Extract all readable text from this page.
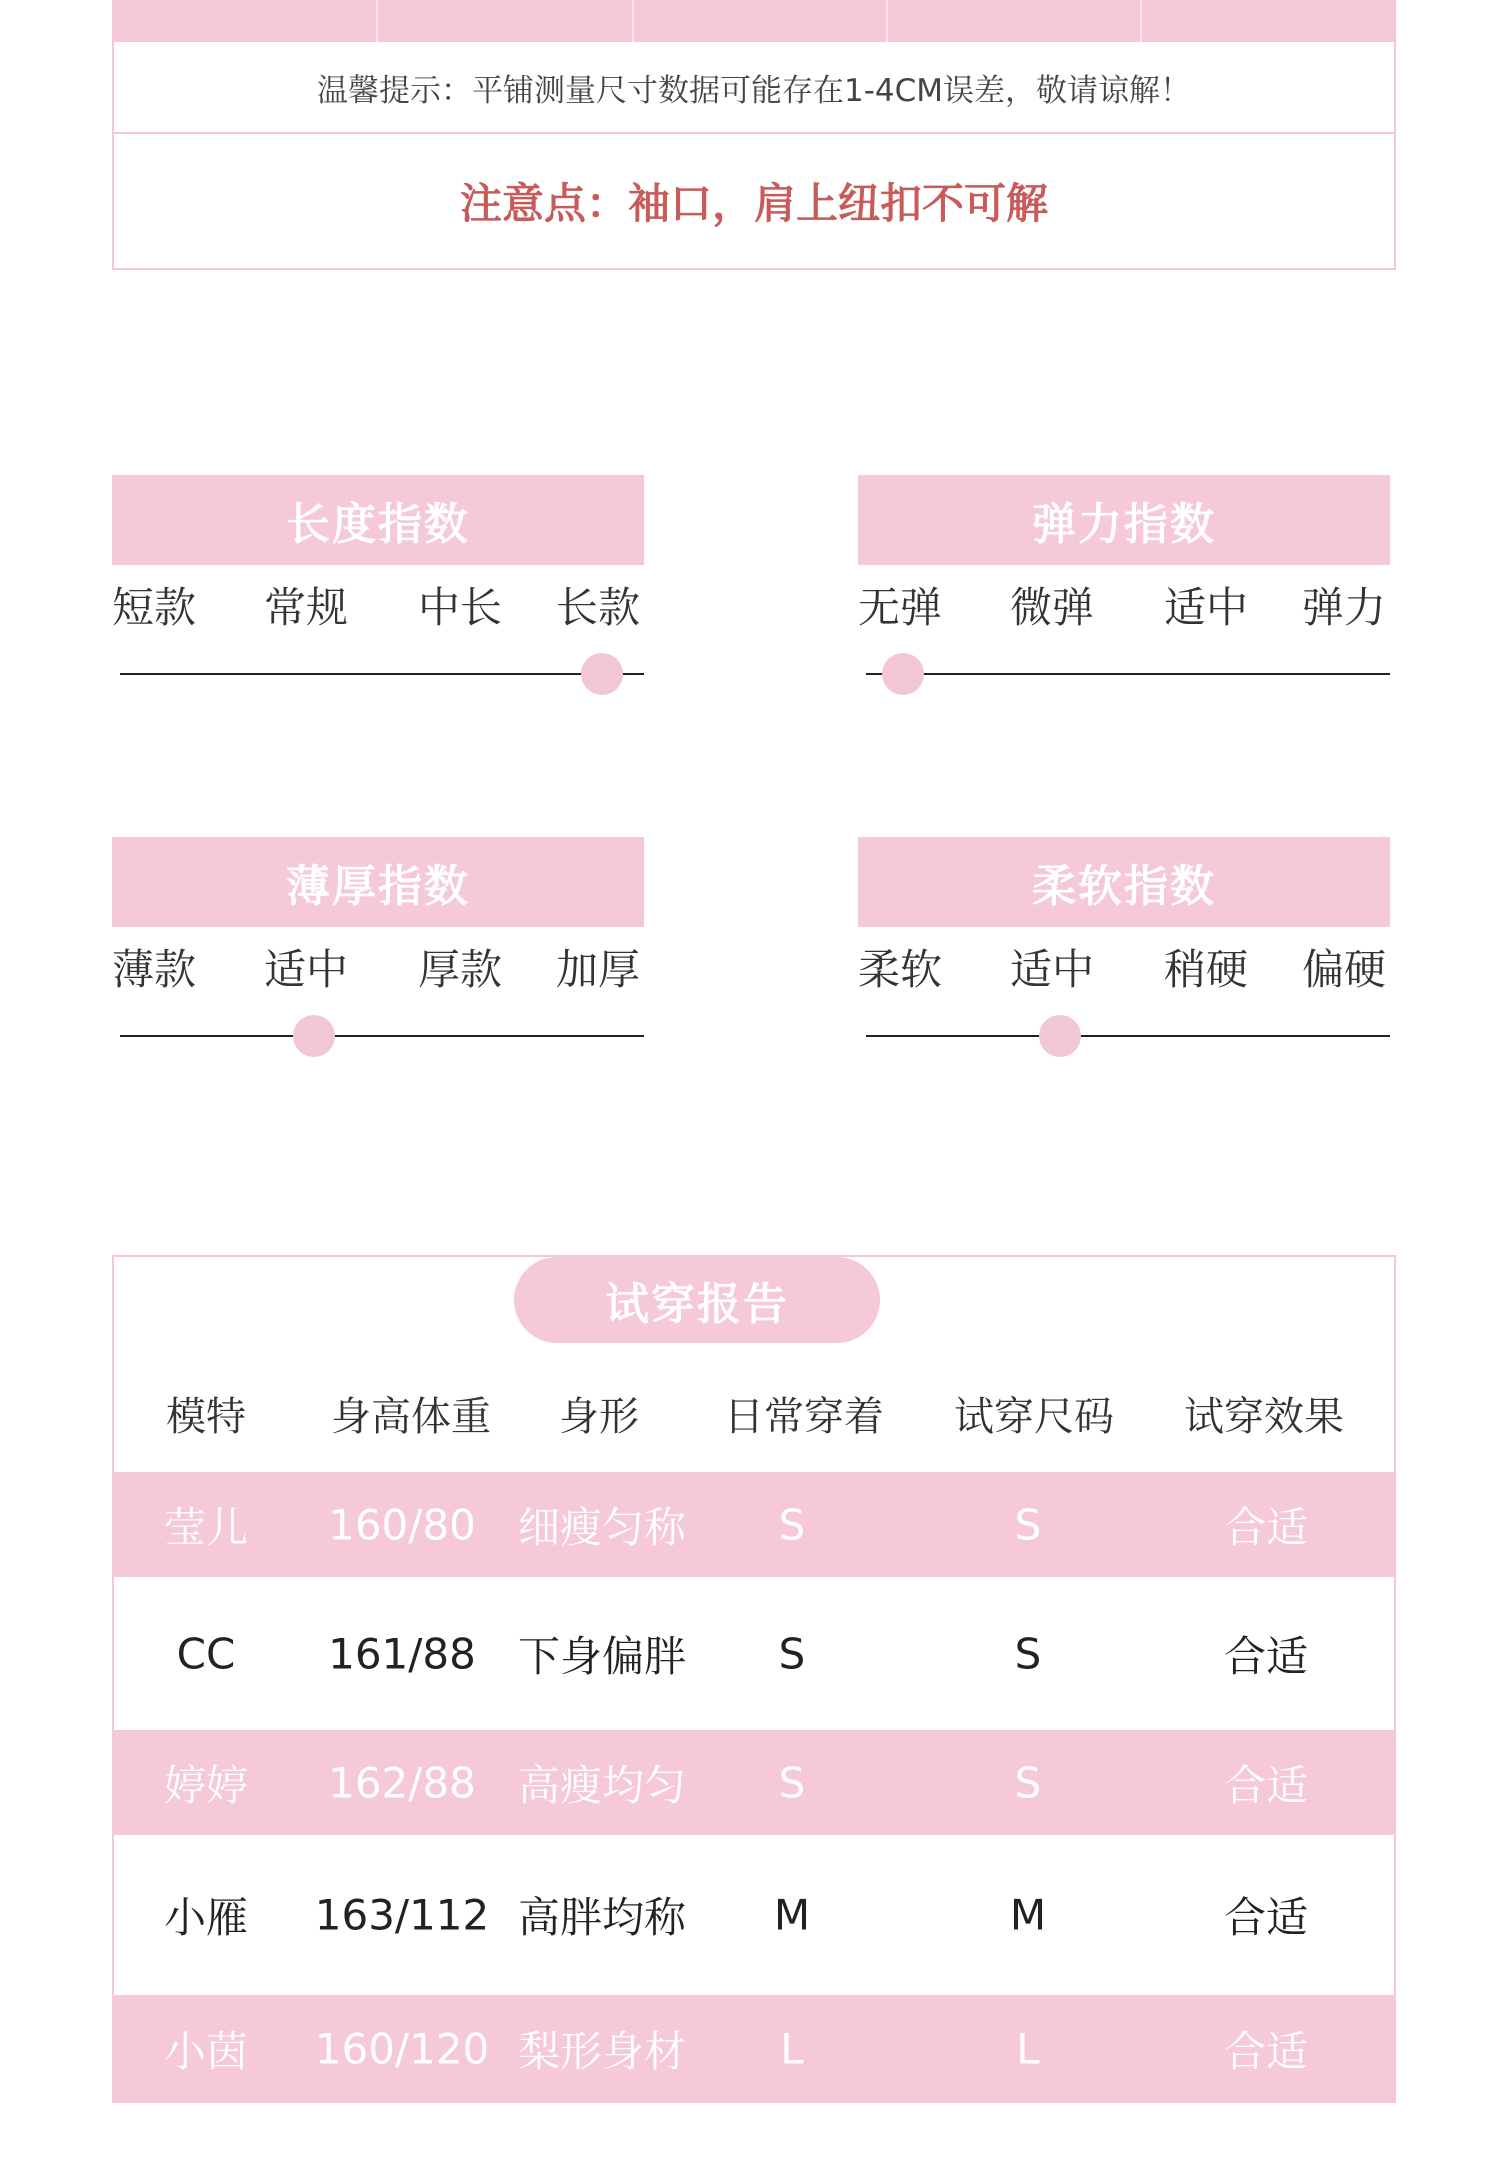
温馨提示：平铺测量尺寸数据可能存在1-4CM误差，敬请谅解！
注意点：袖口，肩上纽扣不可解
长度指数
短款 常规 中长 长款
弹力指数
无弹 微弹 适中 弹力
薄厚指数
薄款 适中 厚款 加厚
柔软指数
柔软 适中 稍硬 偏硬
试穿报告
模特 身高体重 身形 日常穿着 试穿尺码 试穿效果
莹儿 160/80 细瘦匀称 S	S	合适
CC 161/88 下身偏胖 S	S	合适
婷婷 162/88 高瘦均匀 S	S	合适
小雁 163/112 高胖均称 M	M	合适
小茵 160/120 梨形身材 L	L	合适
